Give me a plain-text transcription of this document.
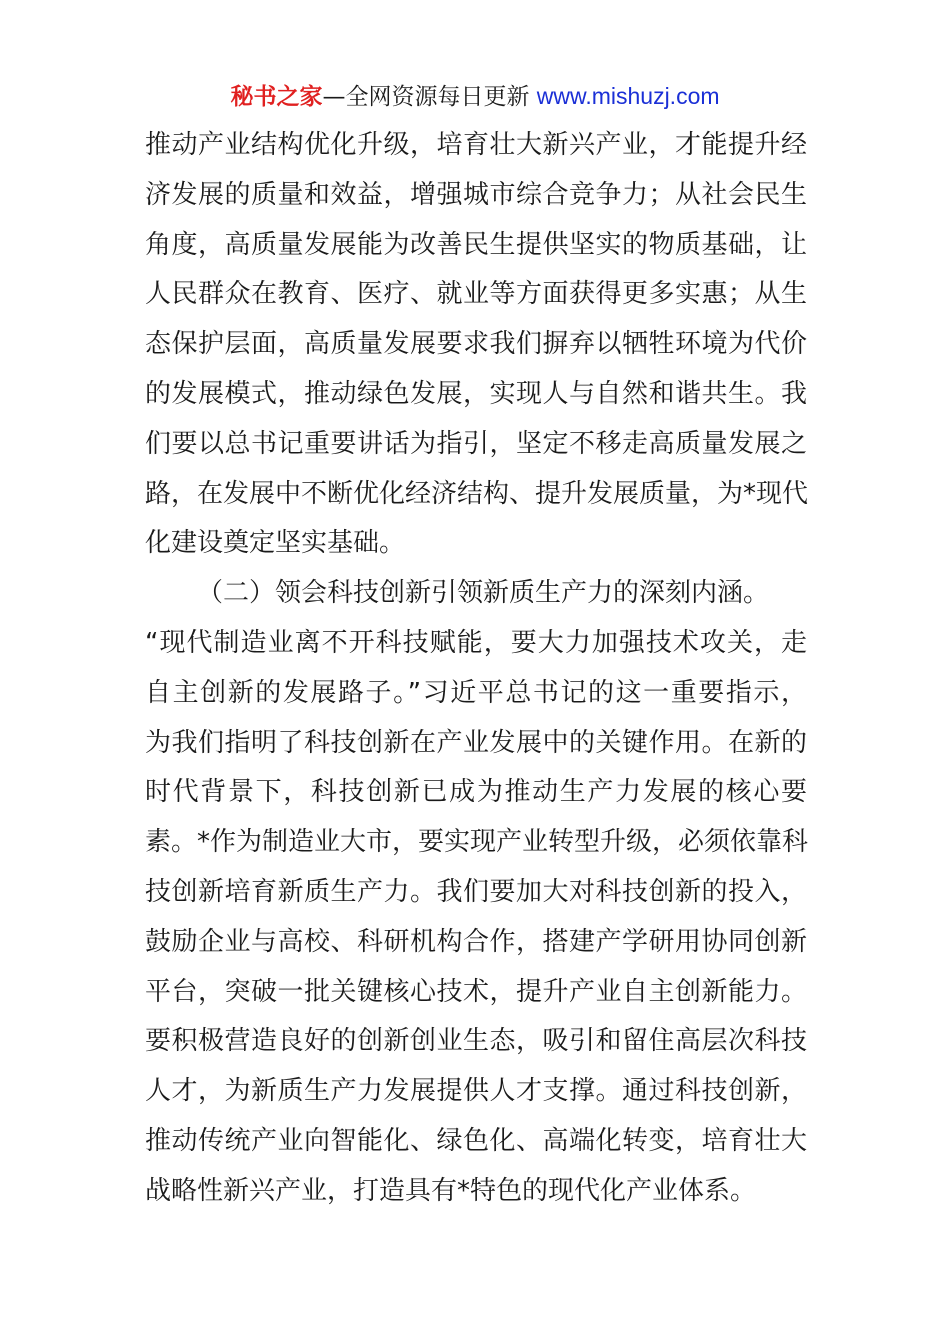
秘书之家—全网资源每日更新 www.mishuzj.com
推动产业结构优化升级，培育壮大新兴产业，才能提升经
济发展的质量和效益，增强城市综合竞争力；从社会民生
角度，高质量发展能为改善民生提供坚实的物质基础，让
人民群众在教育、医疗、就业等方面获得更多实惠；从生
态保护层面，高质量发展要求我们摒弃以牺牲环境为代价
的发展模式，推动绿色发展，实现人与自然和谐共生。我
们要以总书记重要讲话为指引，坚定不移走高质量发展之
路，在发展中不断优化经济结构、提升发展质量，为*现代
化建设奠定坚实基础。
（二）领会科技创新引领新质生产力的深刻内涵。
“现代制造业离不开科技赋能，要大力加强技术攻关，走
自主创新的发展路子。”习近平总书记的这一重要指示，
为我们指明了科技创新在产业发展中的关键作用。在新的
时代背景下，科技创新已成为推动生产力发展的核心要
素。*作为制造业大市，要实现产业转型升级，必须依靠科
技创新培育新质生产力。我们要加大对科技创新的投入，
鼓励企业与高校、科研机构合作，搭建产学研用协同创新
平台，突破一批关键核心技术，提升产业自主创新能力。
要积极营造良好的创新创业生态，吸引和留住高层次科技
人才，为新质生产力发展提供人才支撑。通过科技创新，
推动传统产业向智能化、绿色化、高端化转变，培育壮大
战略性新兴产业，打造具有*特色的现代化产业体系。
